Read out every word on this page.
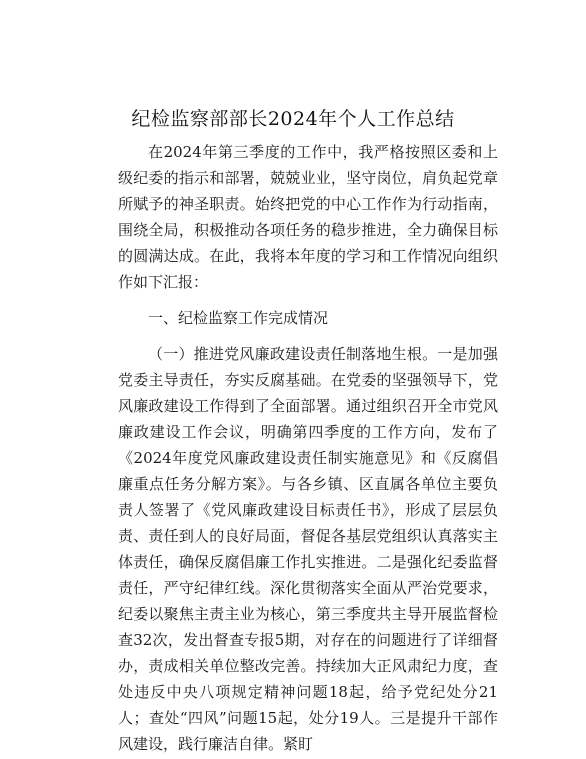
纪检监察部部长2024年个人工作总结

在2024年第三季度的工作中，我严格按照区委和上级纪委的指示和部署，兢兢业业，坚守岗位，肩负起党章所赋予的神圣职责。始终把党的中心工作作为行动指南，围绕全局，积极推动各项任务的稳步推进，全力确保目标的圆满达成。在此，我将本年度的学习和工作情况向组织作如下汇报：

一、纪检监察工作完成情况

（一）推进党风廉政建设责任制落地生根。一是加强党委主导责任，夯实反腐基础。在党委的坚强领导下，党风廉政建设工作得到了全面部署。通过组织召开全市党风廉政建设工作会议，明确第四季度的工作方向，发布了《2024年度党风廉政建设责任制实施意见》和《反腐倡廉重点任务分解方案》。与各乡镇、区直属各单位主要负责人签署了《党风廉政建设目标责任书》，形成了层层负责、责任到人的良好局面，督促各基层党组织认真落实主体责任，确保反腐倡廉工作扎实推进。二是强化纪委监督责任，严守纪律红线。深化贯彻落实全面从严治党要求，纪委以聚焦主责主业为核心，第三季度共主导开展监督检查32次，发出督查专报5期，对存在的问题进行了详细督办，责成相关单位整改完善。持续加大正风肃纪力度，查处违反中央八项规定精神问题18起，给予党纪处分21人；查处“四风”问题15起，处分19人。三是提升干部作风建设，践行廉洁自律。紧盯
